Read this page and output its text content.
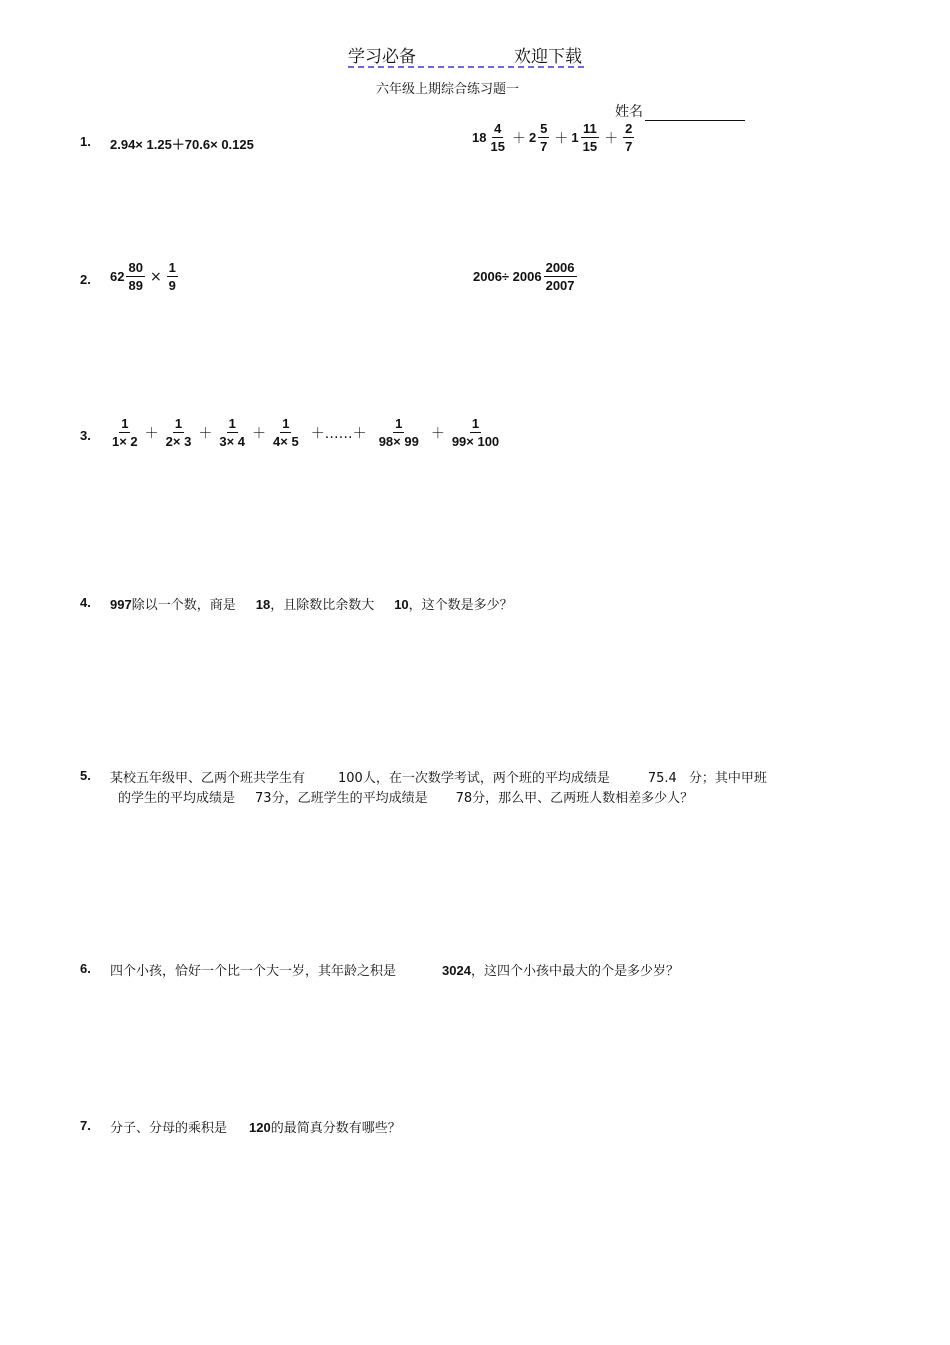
学习必备	欢迎下载
六年级上期综合练习题一
姓名
1. 2.94× 1.25＋70.6× 0.125	$18 \frac{4}{15} + 2 \frac{5}{7} + 1 \frac{11}{15} + \frac{2}{7}$
2. $62 \frac{80}{89} \times \frac{1}{9}$	$2006\div 2006 \frac{2006}{2007}$
3. $\frac{1}{1\times 2} + \frac{1}{2\times 3} + \frac{1}{3\times 4} + \frac{1}{4\times 5}$ ＋……＋ $\frac{1}{98\times 99} + \frac{1}{99\times 100}$
4. 997除以一个数，商是 18，且除数比余数大 10，这个数是多少？
5. 某校五年级甲、乙两个班共学生有	100人，在一次数学考试，两个班的平均成绩是	75.4 分；其中甲班
的学生的平均成绩是 73分，乙班学生的平均成绩是 78分，那么甲、乙两班人数相差多少人？
6. 四个小孩，恰好一个比一个大一岁，其年龄之积是	3024，这四个小孩中最大的个是多少岁？
7. 分子、分母的乘积是 120的最简真分数有哪些？
